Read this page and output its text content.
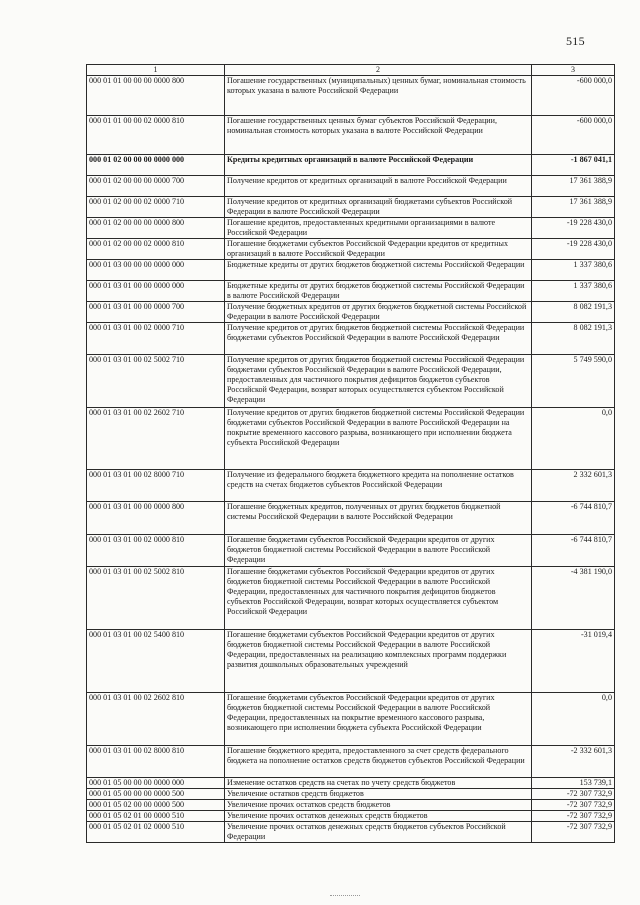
515
1	2	3
000 01 01 00 00 00 0000 800	Погашение государственных (муниципальных) ценных бумаг, номинальная стоимость которых указана в валюте Российской Федерации	-600 000,0
000 01 01 00 00 02 0000 810	Погашение государственных ценных бумаг субъектов Российской Федерации, номинальная стоимость которых указана в валюте Российской Федерации	-600 000,0
000 01 02 00 00 00 0000 000	Кредиты кредитных организаций в валюте Российской Федерации	-1 867 041,1
000 01 02 00 00 00 0000 700	Получение кредитов от кредитных организаций в валюте Российской Федерации	17 361 388,9
000 01 02 00 00 02 0000 710	Получение кредитов от кредитных организаций бюджетами субъектов Российской Федерации в валюте Российской Федерации	17 361 388,9
000 01 02 00 00 00 0000 800	Погашение кредитов, предоставленных кредитными организациями в валюте Российской Федерации	-19 228 430,0
000 01 02 00 00 02 0000 810	Погашение бюджетами субъектов Российской Федерации кредитов от кредитных организаций в валюте Российской Федерации	-19 228 430,0
000 01 03 00 00 00 0000 000	Бюджетные кредиты от других бюджетов бюджетной системы Российской Федерации	1 337 380,6
000 01 03 01 00 00 0000 000	Бюджетные кредиты от других бюджетов бюджетной системы Российской Федерации в валюте Российской Федерации	1 337 380,6
000 01 03 01 00 00 0000 700	Получение бюджетных кредитов от других бюджетов бюджетной системы Российской Федерации в валюте Российской Федерации	8 082 191,3
000 01 03 01 00 02 0000 710	Получение кредитов от других бюджетов бюджетной системы Российской Федерации бюджетами субъектов Российской Федерации в валюте Российской Федерации	8 082 191,3
000 01 03 01 00 02 5002 710	Получение кредитов от других бюджетов бюджетной системы Российской Федерации бюджетами субъектов Российской Федерации в валюте Российской Федерации, предоставленных для частичного покрытия дефицитов бюджетов субъектов Российской Федерации, возврат которых осуществляется субъектом Российской Федерации	5 749 590,0
000 01 03 01 00 02 2602 710	Получение кредитов от других бюджетов бюджетной системы Российской Федерации бюджетами субъектов Российской Федерации в валюте Российской Федерации на покрытие временного кассового разрыва, возникающего при исполнении бюджета субъекта Российской Федерации	0,0
000 01 03 01 00 02 8000 710	Получение из федерального бюджета бюджетного кредита на пополнение остатков средств на счетах бюджетов субъектов Российской Федерации	2 332 601,3
000 01 03 01 00 00 0000 800	Погашение бюджетных кредитов, полученных от других бюджетов бюджетной системы Российской Федерации в валюте Российской Федерации	-6 744 810,7
000 01 03 01 00 02 0000 810	Погашение бюджетами субъектов Российской Федерации кредитов от других бюджетов бюджетной системы Российской Федерации в валюте Российской Федерации	-6 744 810,7
000 01 03 01 00 02 5002 810	Погашение бюджетами субъектов Российской Федерации кредитов от других бюджетов бюджетной системы Российской Федерации в валюте Российской Федерации, предоставленных для частичного покрытия дефицитов бюджетов субъектов Российской Федерации, возврат которых осуществляется субъектом Российской Федерации	-4 381 190,0
000 01 03 01 00 02 5400 810	Погашение бюджетами субъектов Российской Федерации кредитов от других бюджетов бюджетной системы Российской Федерации в валюте Российской Федерации, предоставленных на реализацию комплексных программ поддержки развития дошкольных образовательных учреждений	-31 019,4
000 01 03 01 00 02 2602 810	Погашение бюджетами субъектов Российской Федерации кредитов от других бюджетов бюджетной системы Российской Федерации в валюте Российской Федерации, предоставленных на покрытие временного кассового разрыва, возникающего при исполнении бюджета субъекта Российской Федерации	0,0
000 01 03 01 00 02 8000 810	Погашение бюджетного кредита, предоставленного за счет средств федерального бюджета на пополнение остатков средств бюджетов субъектов Российской Федерации	-2 332 601,3
000 01 05 00 00 00 0000 000	Изменение остатков средств на счетах по учету средств бюджетов	153 739,1
000 01 05 00 00 00 0000 500	Увеличение остатков средств бюджетов	-72 307 732,9
000 01 05 02 00 00 0000 500	Увеличение прочих остатков средств бюджетов	-72 307 732,9
000 01 05 02 01 00 0000 510	Увеличение прочих остатков денежных средств бюджетов	-72 307 732,9
000 01 05 02 01 02 0000 510	Увеличение прочих остатков денежных средств бюджетов субъектов Российской Федерации	-72 307 732,9
